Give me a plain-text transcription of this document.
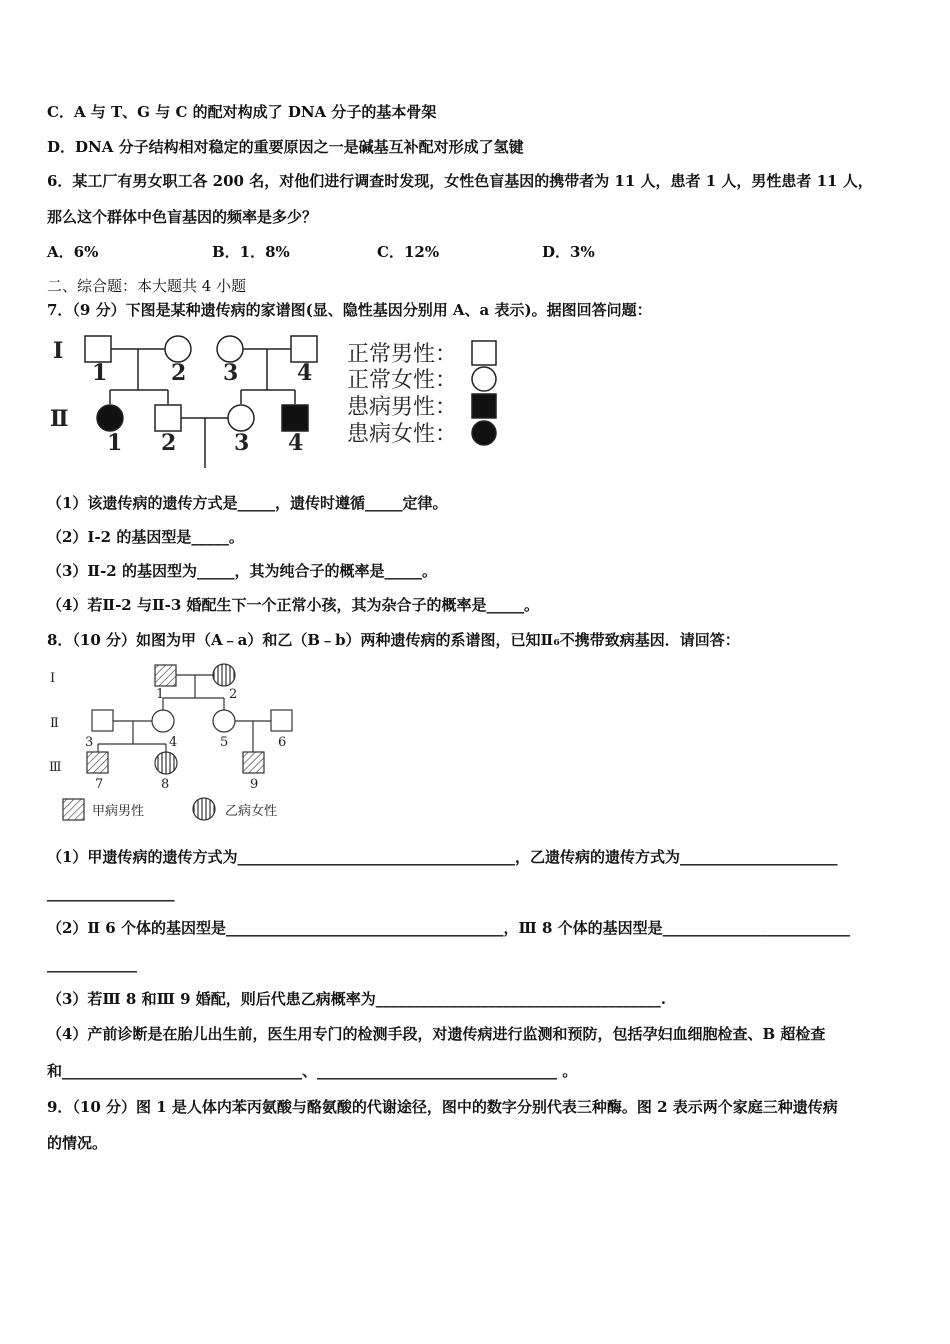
C．A 与 T、G 与 C 的配对构成了 DNA 分子的基本骨架
D．DNA 分子结构相对稳定的重要原因之一是碱基互补配对形成了氢键
6．某工厂有男女职工各 200 名，对他们进行调查时发现，女性色盲基因的携带者为 11 人，患者 1 人，男性患者 11 人，
那么这个群体中色盲基因的频率是多少？
A．6%	B．1．8%	C．12%	D．3%
二、综合题：本大题共 4 小题
7．（9 分）下图是某种遗传病的家谱图(显、隐性基因分别用 A、a 表示)。据图回答问题：
Ⅰ
Ⅱ
1	2 3	4
1 2	3 4
正常男性：
正常女性：
患病男性：
患病女性：
（1）该遗传病的遗传方式是_____，遗传时遵循_____定律。
（2）Ⅰ-2 的基因型是_____。
（3）Ⅱ-2 的基因型为_____，其为纯合子的概率是_____。
（4）若Ⅱ-2 与Ⅱ-3 婚配生下一个正常小孩，其为杂合子的概率是_____。
8．（10 分）如图为甲（A﹣a）和乙（B﹣b）两种遗传病的系谱图，已知Ⅱ₆不携带致病基因．请回答：
Ⅰ
Ⅱ
Ⅲ
1	2
3	4	5	6
7	8	9
甲病男性	乙病女性
（1）甲遗传病的遗传方式为_____________________________________，乙遗传病的遗传方式为_____________________
_________________
（2）Ⅱ 6 个体的基因型是_____________________________________，Ⅲ 8 个体的基因型是_________________________
____________
（3）若Ⅲ 8 和Ⅲ 9 婚配，则后代患乙病概率为______________________________________.
（4）产前诊断是在胎儿出生前，医生用专门的检测手段，对遗传病进行监测和预防，包括孕妇血细胞检查、B 超检查
和________________________________、________________________________ 。
9．（10 分）图 1 是人体内苯丙氨酸与酪氨酸的代谢途径，图中的数字分别代表三种酶。图 2 表示两个家庭三种遗传病
的情况。
